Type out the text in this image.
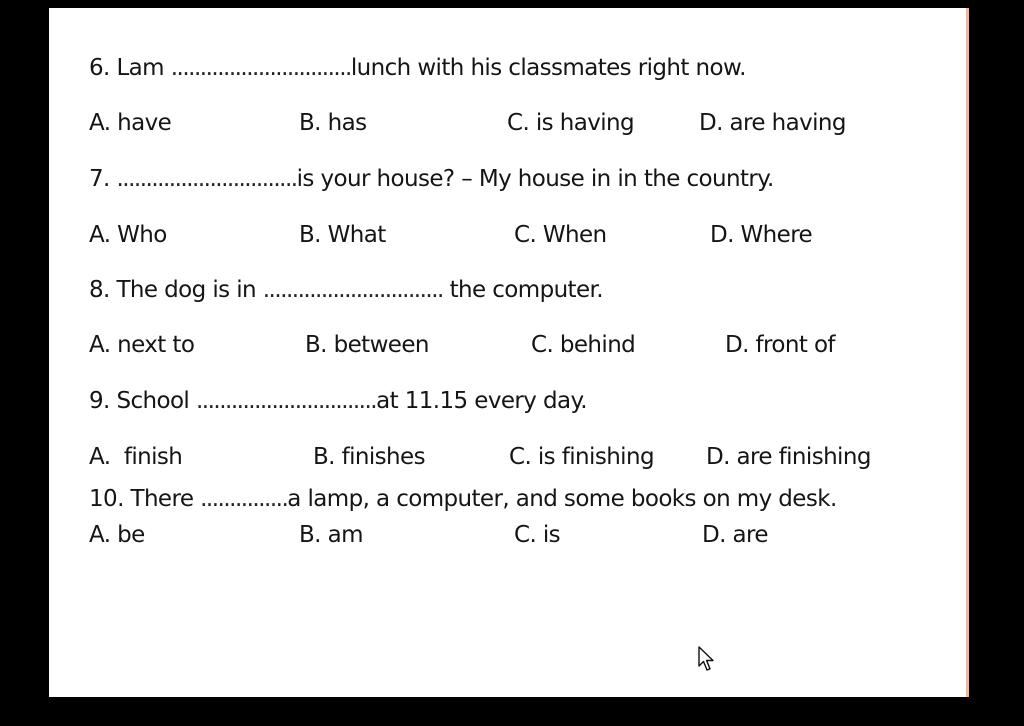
6. Lam ...............................lunch with his classmates right now.
A. have	B. has	C. is having	D. are having
7. ...............................is your house? – My house in in the country.
A. Who	B. What	C. When	D. Where
8. The dog is in ............................... the computer.
A. next to	B. between	C. behind	D. front of
9. School ...............................at 11.15 every day.
A.  finish	B. finishes	C. is finishing D. are finishing
10. There ...............a lamp, a computer, and some books on my desk.
A. be	B. am	C. is	D. are
